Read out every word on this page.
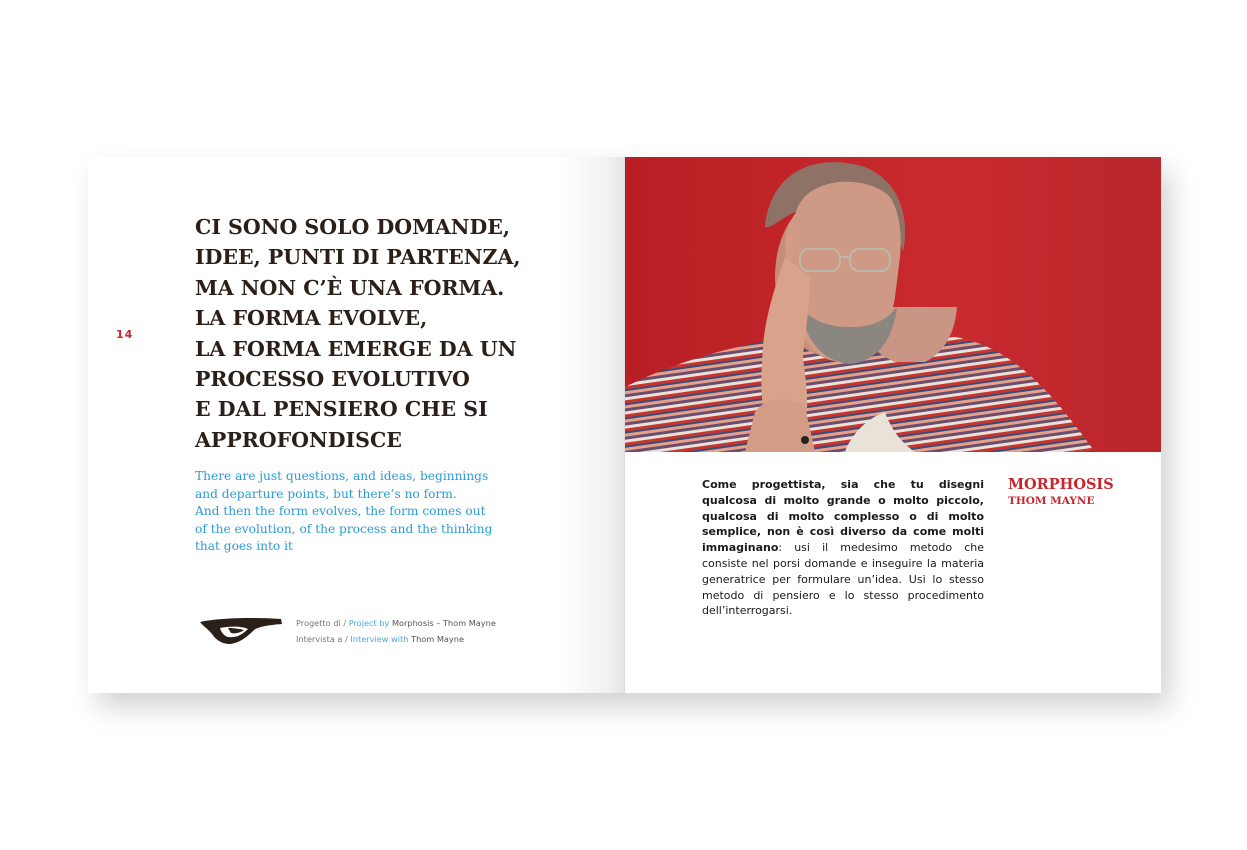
14
CI SONO SOLO DOMANDE,
IDEE, PUNTI DI PARTENZA,
MA NON C’È UNA FORMA.
LA FORMA EVOLVE,
LA FORMA EMERGE DA UN
PROCESSO EVOLUTIVO
E DAL PENSIERO CHE SI
APPROFONDISCE
There are just questions, and ideas, beginnings
and departure points, but there’s no form.
And then the form evolves, the form comes out
of the evolution, of the process and the thinking
that goes into it
Progetto di / Project by Morphosis – Thom Mayne
Intervista a / Interview with Thom Mayne
Come progettista, sia che tu disegni qualcosa di molto grande o molto piccolo, qualcosa di molto complesso o di molto semplice, non è così diverso da come molti immaginano: usi il medesimo metodo che consiste nel porsi domande e inseguire la materia generatrice per formulare un’idea. Usi lo stesso metodo di pensiero e lo stesso procedimento dell’interrogarsi.
MORPHOSIS
THOM MAYNE
